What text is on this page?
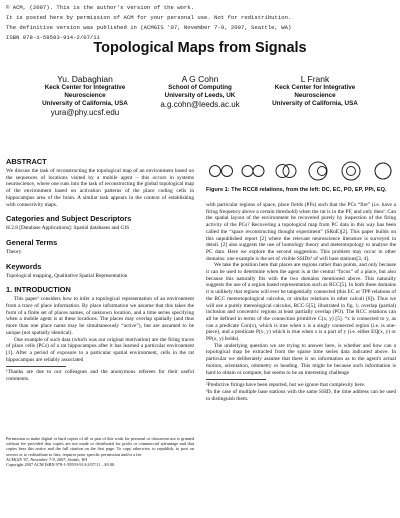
© ACM, (2007). This is the author's version of the work.
It is posted here by permission of ACM for your personal use. Not for redistribution.
The definitive version was published in (ACMGIS '07, November 7-9, 2007, Seattle, WA)
ISBN 978-1-59593-914-2/07/11
Topological Maps from Signals
Yu. Dabaghian
Keck Center for Integrative
Neuroscience
University of California, USA
yura@phy.ucsf.edu
A G Cohn
School of Computing
University of Leeds, UK
a.g.cohn@leeds.ac.uk
L Frank
Keck Center for Integrative
Neuroscience
University of California, USA
ABSTRACT

We discuss the task of reconstructing the topological map of an environment based on the sequences of locations visited by a mobile agent – this occurs in systems neuroscience, where one runs into the task of reconstructing the global topological map of the environment based on activation patterns of the place coding cells in hippocampus area of the brain. A similar task appears in the context of establishing with connectivity maps.

Categories and Subject Descriptors

H.2.8 [Database Applications]: Spatial databases and GIS

General Terms

Theory

Keywords

Topological mapping, Qualitative Spatial Representation

1. INTRODUCTION

This paper¹ considers how to infer a topological representation of an environment from a trace of place information. By place information we assume that this takes the form of a finite set of places names, of unknown location, and a time series specifying when a mobile agent is at these locations. The places may overlap spatially (and thus more than one place name may be simultaneously “active”), but are assumed to be unique (not spatially identical).

One example of such data (which was our original motivation) are the firing traces of place cells (PCs) of a rat hippocampus after it has learned a particular environment [1]. After a period of exposure to a particular spatial environment, cells in the rat hippocampus are reliably associated

¹Thanks are due to our colleagues and the anonymous referees for their useful comments.

Permission to make digital or hard copies of all or part of this work for personal or classroom use is granted without fee provided that copies are not made or distributed for profit or commercial advantage and that copies bear this notice and the full citation on the first page. To copy otherwise, to republish, to post on servers or to redistribute to lists, requires prior specific permission and/or a fee.

ACMGIS '07, November 7-9, 2007, Seattle, WA

Copyright 2007 ACM ISBN 978-1-59593-914-2/07/11 ...$5.00.

Figure 1: The RCC8 relations, from the left: DC, EC, PO, EP, PPi, EQ.

with particular regions of space, place fields (PFs) such that the PCs “fire” (i.e. have a firing frequency above a certain threshold) when the rat is in the PF, and only then². Can the spatial layout of the environment be recovered purely by inspection of the firing activity of the PCs? Recovering a topological map from PC data in this way has been called the “space reconstructing thought experiment” (SRnE)[2]. This paper builds on this unpublished report [2] where the relevant neuroscience literature is surveyed in detail. [2] also suggests the use of homology theory and meterotopology to analyse the PC data. Here we explore the second suggestion. This problem may occur in other domains: one example is the set of visible SSIDs³ of wifi base stations[3, 4].

We take the position here that places are regions rather than points, and only because it can be used to determine when the agent is at the central “focus” of a place, but also because this naturally fits with the two domains mentioned above. This naturally suggests the use of a region based representation such as RCC[5]. In both these domains it is unlikely that regions will ever be tangentially connected (this EC or TPP relations of the RCC mereotopological calculus, or similar relations in other calculi [6]). Thus we will use a purely mereological calculus, RCC-5[5], illustrated in fig. 1; overlap (partial) inclusion and concentric regions at least partially overlap (PO). The RCC relations can all be defined in terms of the connection primitive C(x, y) [5]. “x is connected to y, as can a predicate Con(x), which is true when x is a singly connected region (i.e. is one-piece), and a predicate P(x, y) which is true when x is a part of y (i.e. either EQ(x, y) or PP(x, y) holds).

The underlying question we are trying to answer here, is whether and how can a topological map be extracted from the sparse time series data indicated above. In particular we deliberately assume that there is no information as to the agent's actual motion, orientation, odometry or heading. This might be because such information is hard to obtain or compute, but seems to be an interesting challenge

²Predictive firings have been reported, but we ignore that complexity here.

³In the case of multiple base stations with the same SSID, the time address can be used to distinguish them.
